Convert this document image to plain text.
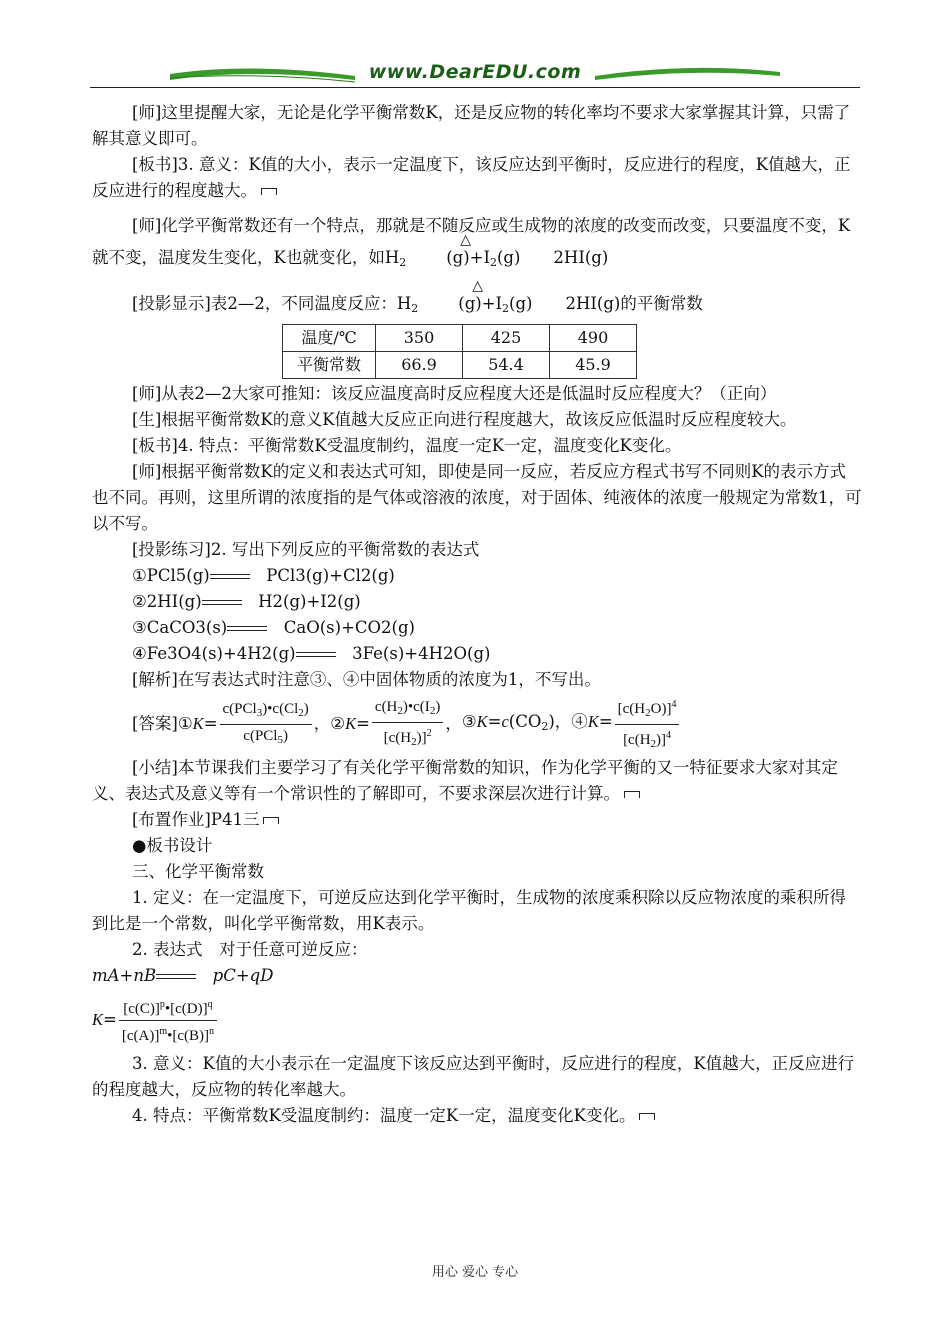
www.DearEDU.com

[师]这里提醒大家，无论是化学平衡常数K，还是反应物的转化率均不要求大家掌握其计算，只需了解其意义即可。

[板书]3. 意义：K值的大小，表示一定温度下，该反应达到平衡时，反应进行的程度，K值越大，正反应进行的程度越大。

[师]化学平衡常数还有一个特点，那就是不随反应或生成物的浓度的改变而改变，只要温度不变，K就不变，温度发生变化，K也就变化，如$H_2$ (g)+I
△
$_2$(g)　　2HI(g)

[投影显示]表2—2，不同温度反应：$H_2$ (g)+I
△
$_2$(g)　　2HI(g)的平衡常数

温度/℃	350	425	490
平衡常数	66.9	54.4	45.9

[师]从表2—2大家可推知：该反应温度高时反应程度大还是低温时反应程度大？（正向）

[生]根据平衡常数K的意义K值越大反应正向进行程度越大，故该反应低温时反应程度较大。

[板书]4. 特点：平衡常数K受温度制约，温度一定K一定，温度变化K变化。

[师]根据平衡常数K的定义和表达式可知，即使是同一反应，若反应方程式书写不同则K的表示方式也不同。再则，这里所谓的浓度指的是气体或溶液的浓度，对于固体、纯液体的浓度一般规定为常数1，可以不写。

[投影练习]2. 写出下列反应的平衡常数的表达式

①PCl5(g)　	PCl3(g)+Cl2(g)

②2HI(g)　	H2(g)+I2(g)

③CaCO3(s)　	CaO(s)+CO2(g)

④Fe3O4(s)+4H2(g)　	3Fe(s)+4H2O(g)

[解析]在写表达式时注意③、④中固体物质的浓度为1，不写出。

[答案] ①K= $\frac{c(PCl_3)•c(Cl_2)}{c(PCl_5)}$ ， ②K= $\frac{c(H_2)•c(I_2)}{[c(H_2)]^2}$ ， $③K=c(CO_2)$，④K= $\frac{[c(H_2O)]^4}{[c(H_2)]^4}$

[小结]本节课我们主要学习了有关化学平衡常数的知识，作为化学平衡的又一特征要求大家对其定义、表达式及意义等有一个常识性的了解即可，不要求深层次进行计算。

[布置作业]P41三

●板书设计

三、化学平衡常数

1. 定义：在一定温度下，可逆反应达到化学平衡时，生成物的浓度乘积除以反应物浓度的乘积所得到比是一个常数，叫化学平衡常数，用K表示。

2. 表达式　对于任意可逆反应：

mA+nB　	pC+qD

$K= \frac{[c(C)]^p•[c(D)]^q}{[c(A)]^m•[c(B)]^n}$

3. 意义：K值的大小表示在一定温度下该反应达到平衡时，反应进行的程度，K值越大，正反应进行的程度越大，反应物的转化率越大。

4. 特点：平衡常数K受温度制约：温度一定K一定，温度变化K变化。

用心 爱心 专心
